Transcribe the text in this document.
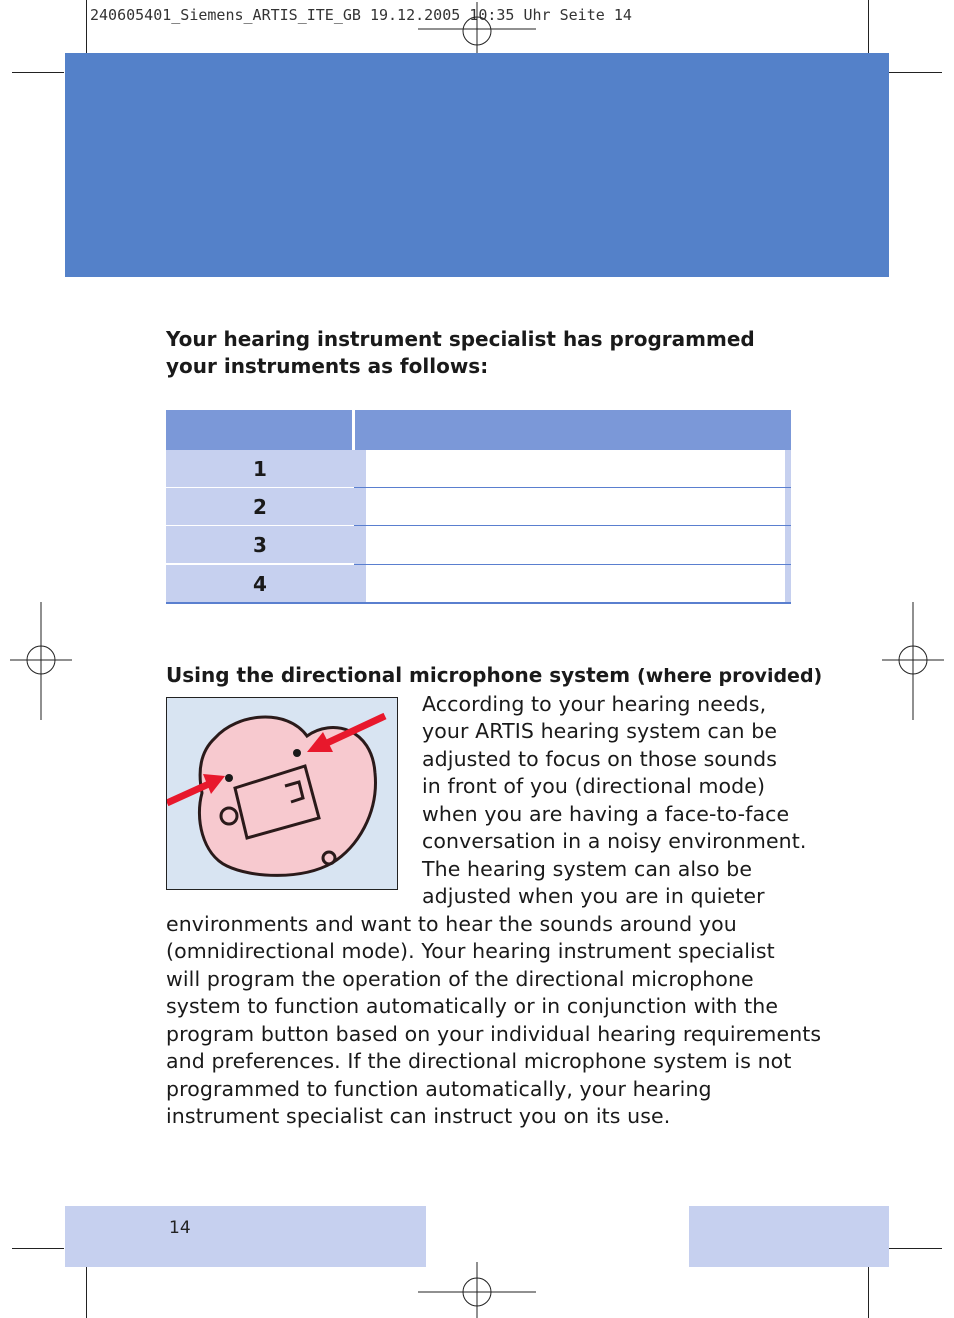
240605401_Siemens_ARTIS_ITE_GB 19.12.2005 10:35 Uhr Seite 14
Your hearing instrument specialist has programmed
your instruments as follows:
1
2
3
4
Using the directional microphone system (where provided)
According to your hearing needs,
your ARTIS hearing system can be
adjusted to focus on those sounds
in front of you (directional mode)
when you are having a face-to-face
conversation in a noisy environment.
The hearing system can also be
adjusted when you are in quieter
environments and want to hear the sounds around you
(omnidirectional mode). Your hearing instrument specialist
will program the operation of the directional microphone
system to function automatically or in conjunction with the
program button based on your individual hearing requirements
and preferences. If the directional microphone system is not
programmed to function automatically, your hearing
instrument specialist can instruct you on its use.
14
